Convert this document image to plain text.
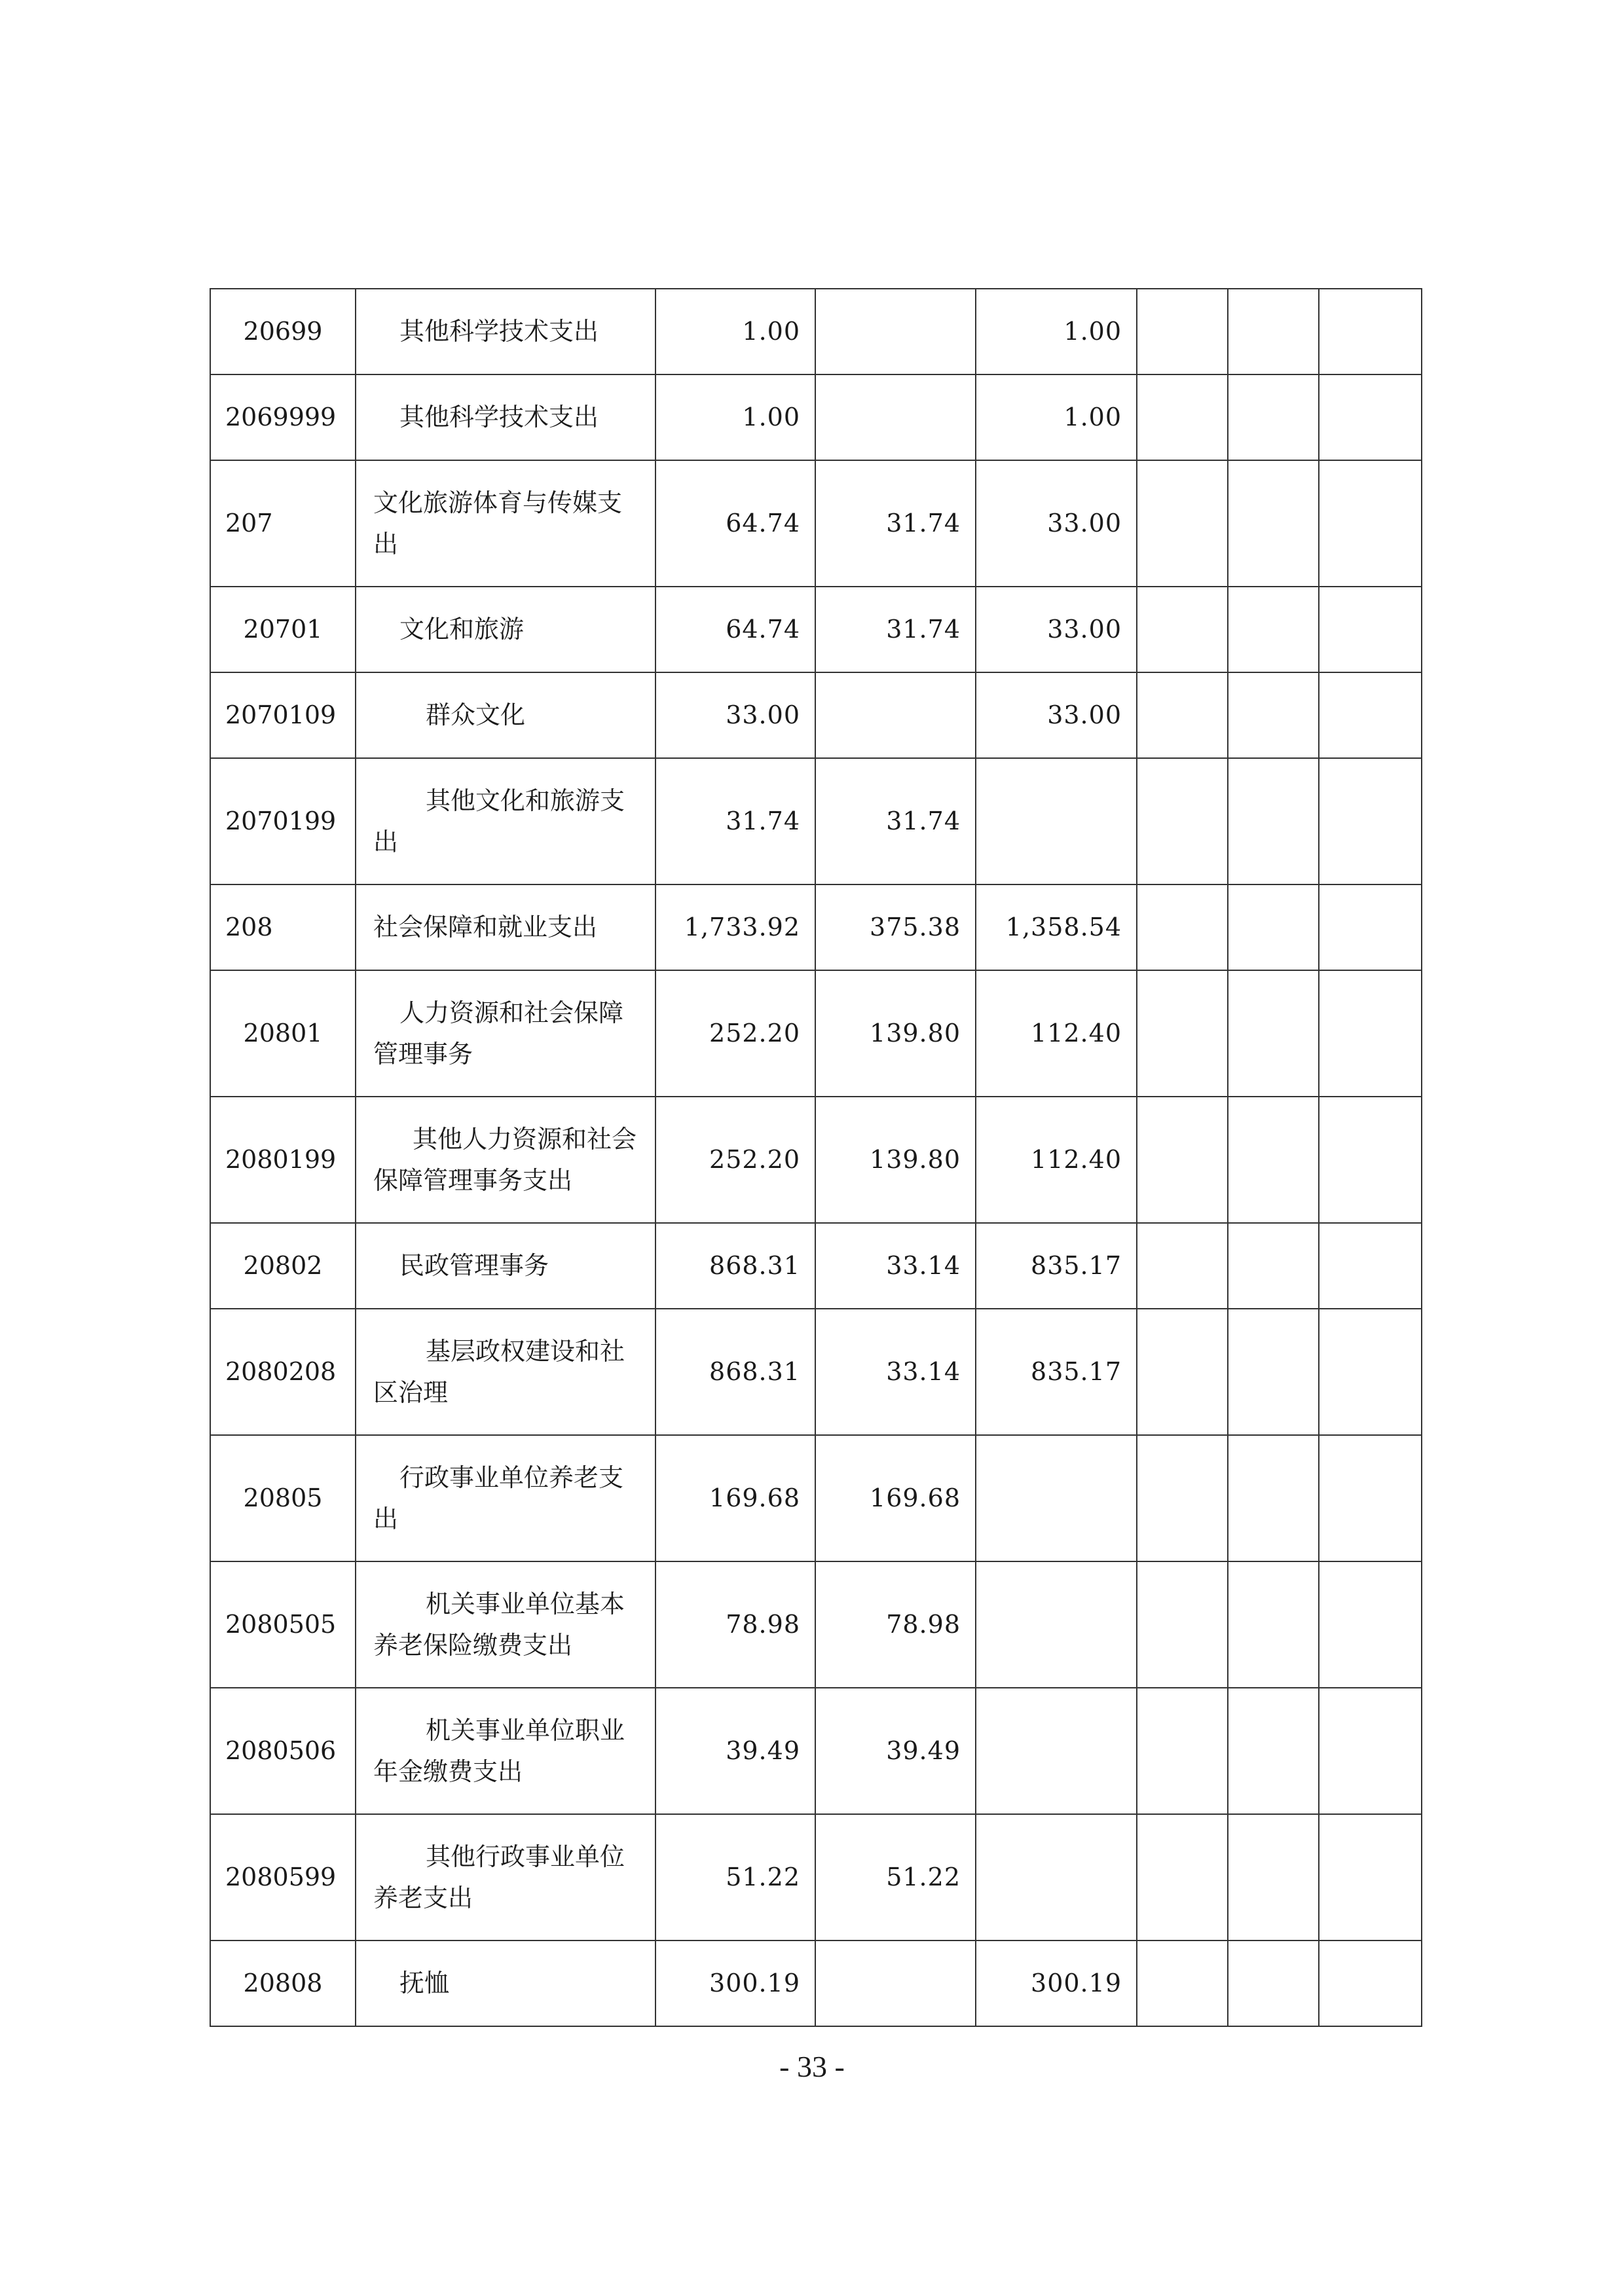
20699	其他科学技术支出	1.00		1.00			
2069999	其他科学技术支出	1.00		1.00			
207	文化旅游体育与传媒支出	64.74	31.74	33.00			
20701	文化和旅游	64.74	31.74	33.00			
2070109	群众文化	33.00		33.00			
2070199	其他文化和旅游支出	31.74	31.74				
208	社会保障和就业支出	1,733.92	375.38	1,358.54			
20801	人力资源和社会保障管理事务	252.20	139.80	112.40			
2080199	其他人力资源和社会保障管理事务支出	252.20	139.80	112.40			
20802	民政管理事务	868.31	33.14	835.17			
2080208	基层政权建设和社区治理	868.31	33.14	835.17			
20805	行政事业单位养老支出	169.68	169.68				
2080505	机关事业单位基本养老保险缴费支出	78.98	78.98				
2080506	机关事业单位职业年金缴费支出	39.49	39.49				
2080599	其他行政事业单位养老支出	51.22	51.22				
20808	抚恤	300.19		300.19			
- 33 -
